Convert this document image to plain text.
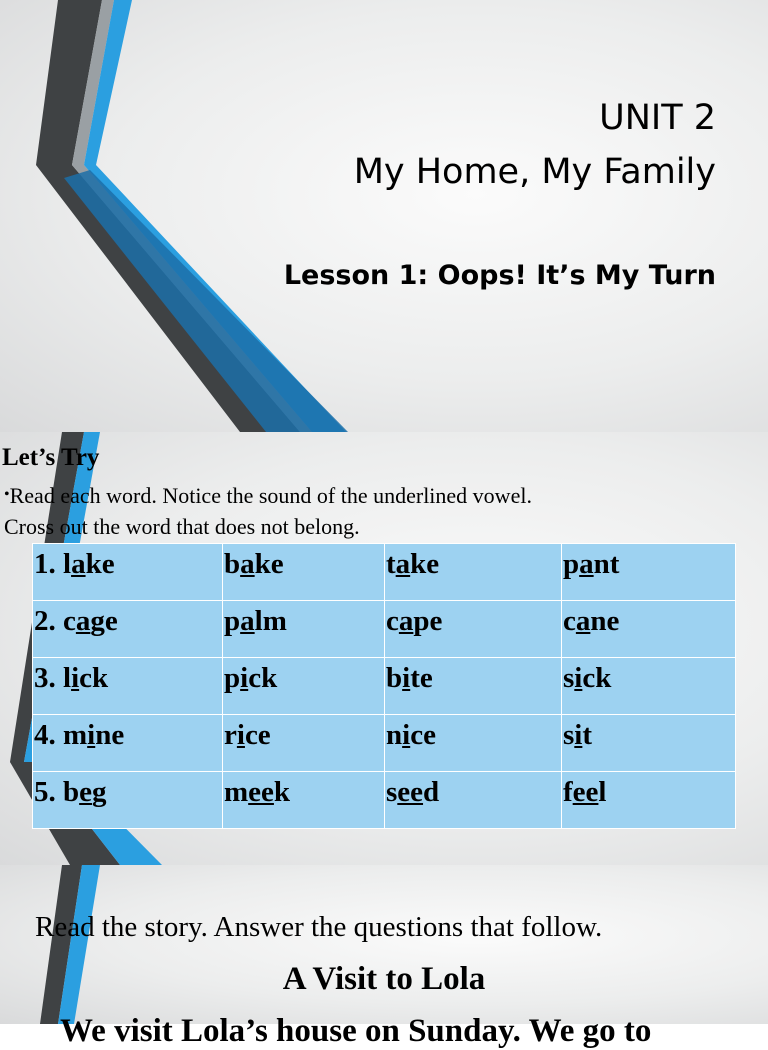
UNIT 2
My Home, My Family
Lesson 1: Oops! It’s My Turn
Let’s Try
•Read each word. Notice the sound of the underlined vowel. Cross out the word that does not belong.
1. lake	bake	take	pant
2. cage	palm	cape	cane
3. lick	pick	bite	sick
4. mine	rice	nice	sit
5. beg	meek	seed	feel
Read the story. Answer the questions that follow.
A Visit to Lola
We visit Lola’s house on Sunday. We go to
